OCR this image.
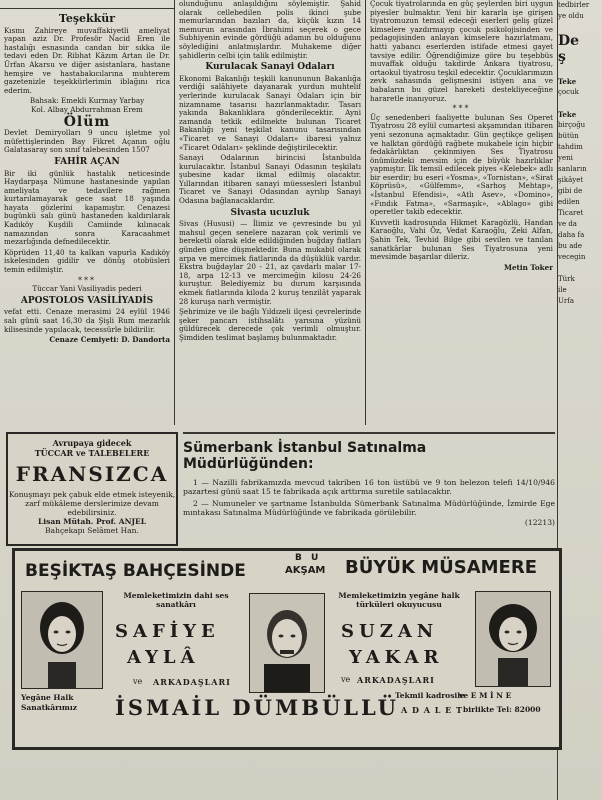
Teşekkür

Kısmı Zahireye muvaffakiyetli ameliyat yapan aziz Dr. Profesör Nacid Eren ile hastalığı esnasında candan bir sıkka ile tedavi eden Dr. Ribhat Kâzım Artan ile Dr. Ürfan Akarsu ve diğer asistanlara, hastane hemşire ve hastabakıcılarına muhterem gazetenizle teşekkürlerimin iblağını rica ederim.

Bahsak: Emekli Kurmay Yarbay
Kol. Albay Abdurrahman Erem
Ölüm

Devlet Demiryolları 9 uncu işletme yol müfettişlerinden Bay Fikret Açanın oğlu Galatasaray son sınıf talebesinden 1507

FAHİR AÇAN

Bir iki günlük hastalık neticesinde Haydarpaşa Nümune hastanesinde yapılan ameliyata ve tedavilere rağmen kurtarılamayarak gece saat 18 yaşında hayata gözlerini kapamıştır. Cenazesi bugünkü salı günü hastaneden kaldırılarak Kadıköy Kuşdili Camiinde kılınacak namazından sonra Karacaahmet mezarlığında defnedilecektir.

Köprüden 11,40 ta kalkan vapurla Kadıköy iskelesinden gidilir ve dönüş otobüsleri temin edilmiştir.

***
Tüccar Yani Vasiliyadis pederi
APOSTOLOS VASİLİYADİS

vefat etti. Cenaze merasimi 24 eylül 1946 salı günü saat 16,30 da Şişli Rum mezarlık kilisesinde yapılacak, tecessürle bildirilir.

Cenaze Cemiyeti: D. Dandorta

olunduğunu anlaşıldığını söylemiştir. Şahid olarak cellebedilen polis ikinci şube memurlarından bazıları da, küçük kızın 14 memurun arasından İbrahimi seçerek o gece Subhiyenin evinde gördüğü adamın bu olduğunu söylediğini anlatmışlardır. Muhakeme diğer şahidlerin celbi için talik edilmiştir.

Kurulacak Sanayi Odaları

Ekonomi Bakanlığı teşkili kanununun Bakanlığa verdiği salâhiyete dayanarak yurdun muhtelif yerlerinde kurulacak Sanayi Odaları için bir nizamname tasarısı hazırlanmaktadır. Tasarı yakında Bakanlıklara gönderilecektir. Ayni zamanda tetkik edilmekte bulunan Ticaret Bakanlığı yeni teşkilat kanunu tasarısından «Ticaret ve Sanayi Odaları» ibaresi yalnız «Ticaret Odaları» şeklinde değiştirilecektir.

Sanayi Odalarının birincisi İstanbulda kurulacaktır. İstanbul Sanayi Odasının teşkilatı şubesine kadar ikmal edilmiş olacaktır. Yıllarından itibaren sanayi müessesleri İstanbul Ticaret ve Sanayi Odasından ayrılıp Sanayi Odasına bağlanacaklardır.

Sivasta ucuzluk

Sivas (Hususi) — İlimiz ve çevresinde bu yıl mahsul geçen senelere nazaran çok verimli ve bereketli olarak elde edildiğinden buğday fiatları günden güne düşmektedir. Buna mukabil olarak arpa ve mercimek fiatlarında da düşüklük vardır. Ekstra buğdaylar 20 - 21, az çavdarlı malar 17-18, arpa 12-13 ve mercimeğin kilosu 24-26 kuruştur. Belediyemiz bu durum karşısında ekmek fiatlarında kiloda 2 kuruş tenzilât yaparak 28 kuruşa narh vermiştir.

Şehrimize ve ile bağlı Yıldızeli ilçesi çevrelerinde şeker pancarı istihsalâtı yarısına yüzünü güldürecek derecede çok verimli olmuştur. Şimdiden teslimat başlamış bulunmaktadır.

Çocuk tiyatrolarında en güç şeylerden biri uygun piyesler bulmaktır. Yeni bir kararla işe girişen tiyatromuzun temsil edeceği eserleri geliş güzel kimselere yazdırmayıp çocuk psikolojisinden ve pedagojisinden anlayan kimselere hazırlatmanı, hatti yabancı eserlerden istifade etmesi gayet tavsiye edilir. Öğrendiğimize göre bu teşebbüs muvaffak olduğu takdirde Ankara tiyatrosu, ortaokul tiyatrosu teşkil edecektir. Çocuklarımızın zevk sahasında gelişmesini istiyen ana ve babaların bu güzel hareketi destekliyeceğine hararetle inanıyoruz.

***

Üç senedenberi faaliyette bulunan Ses Operet Tiyatrosu 28 eylül cumartesi akşamından itibaren yeni sezonuna açmaktadır. Gün geçtikçe gelişen ve halktan gördüğü rağbete mukabele için hiçbir fedakârlıktan çekinmiyen Ses Tiyatrosu önümüzdeki mevsim için de büyük hazırlıklar yapmıştır. İlk temsil edilecek piyes «Kelebek» adlı bir eserdir; bu eseri «Yosma», «Tornistan», «Sirat Köprüsü», «Gülfemm», «Sarhoş Mehtap», «İstanbul Efendisi», «Atlı Asev», «Domino», «Fındık Fatma», «Sarmaşık», «Ablago» gibi operetler takib edecektir.

Kuvvetli kadrosunda Hikmet Karagözlü, Handan Karaoğlu, Vahi Öz, Vedat Karaoğlu, Zeki Alfan, Şahin Tek, Tevhid Bilge gibi sevilen ve tanılan sanatkârlar bulunan Ses Tiyatrosuna yeni mevsimde başarılar dileriz.

Metin Toker
Avrupaya gidecek
TÜCCAR ve TALEBELERE
FRANSIZCA
Konuşmayı pek çabuk elde etmek isteyenik, zarf mükâleme derslerimize devam edebilirsiniz.
Lisan Mütah. Prof. ANJEL
Bahçekapı Selâmet Han.
Sümerbank İstanbul Satınalma Müdürlüğünden:
1 — Nazilli fabrikamızda mevcud takriben 16 ton üstübü ve 9 ton belezon telefi 14/10/946 pazartesi günü saat 15 te fabrikada açık arttırma suretile satılacaktır.
2 — Numuneler ve şartname İstanbulda Sümerbank Satınalma Müdürlüğünde, İzmirde Ege mıntakası Satınalma Müdürlüğünde ve fabrikada görülebilir.
(12213)
BEŞİKTAŞ BAHÇESİNDE
B U
AKŞAM BÜYÜK MÜSAMERE
Memleketimizin dahi ses sanatkârı
SAFİYE
AYLÂ
Memleketimizin yegâne halk türküleri okuyucusu
SUZAN
YAKAR
ve ARKADAŞLARI	ve ARKADAŞLARI
Yegâne Halk
Sanatkârımız İSMAİL DÜMBÜLLÜ
Tekmil kadrosile
ve E M İ N E
A D A L E T birlikte Tel: 82000
tedbirler
ye oldu

De
ş

Teke
çocuk

Teke
birçoğu
bütün
tahdim
yeni
sanların
şikâyet
gibi de
edilen
Ticaret
ve da
daha fa
bu ade
vecegin

Türk
ile
Urfa
